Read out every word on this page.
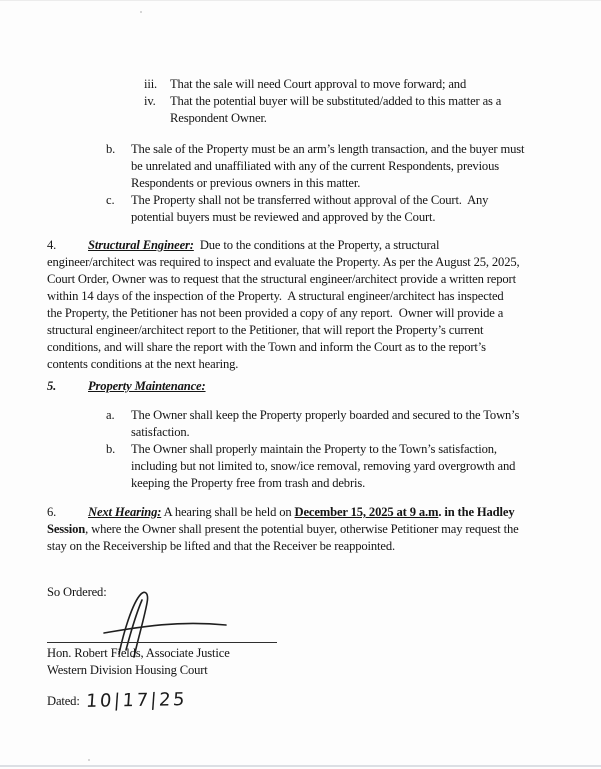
iii. That the sale will need Court approval to move forward; and
iv. That the potential buyer will be substituted/added to this matter as a
Respondent Owner.
b. The sale of the Property must be an arm’s length transaction, and the buyer must
be unrelated and unaffiliated with any of the current Respondents, previous
Respondents or previous owners in this matter.
c. The Property shall not be transferred without approval of the Court.  Any
potential buyers must be reviewed and approved by the Court.
4.	Structural Engineer:  Due to the conditions at the Property, a structural
engineer/architect was required to inspect and evaluate the Property. As per the August 25, 2025,
Court Order, Owner was to request that the structural engineer/architect provide a written report
within 14 days of the inspection of the Property.  A structural engineer/architect has inspected
the Property, the Petitioner has not been provided a copy of any report.  Owner will provide a
structural engineer/architect report to the Petitioner, that will report the Property’s current
conditions, and will share the report with the Town and inform the Court as to the report’s
contents conditions at the next hearing.
5.	Property Maintenance:
a. The Owner shall keep the Property properly boarded and secured to the Town’s
satisfaction.
b. The Owner shall properly maintain the Property to the Town’s satisfaction,
including but not limited to, snow/ice removal, removing yard overgrowth and
keeping the Property free from trash and debris.
6.	Next Hearing: A hearing shall be held on December 15, 2025 at 9 a.m. in the Hadley
Session, where the Owner shall present the potential buyer, otherwise Petitioner may request the
stay on the Receivership be lifted and that the Receiver be reappointed.
So Ordered:
Hon. Robert Fields, Associate Justice
Western Division Housing Court
Dated: 10|17|25
